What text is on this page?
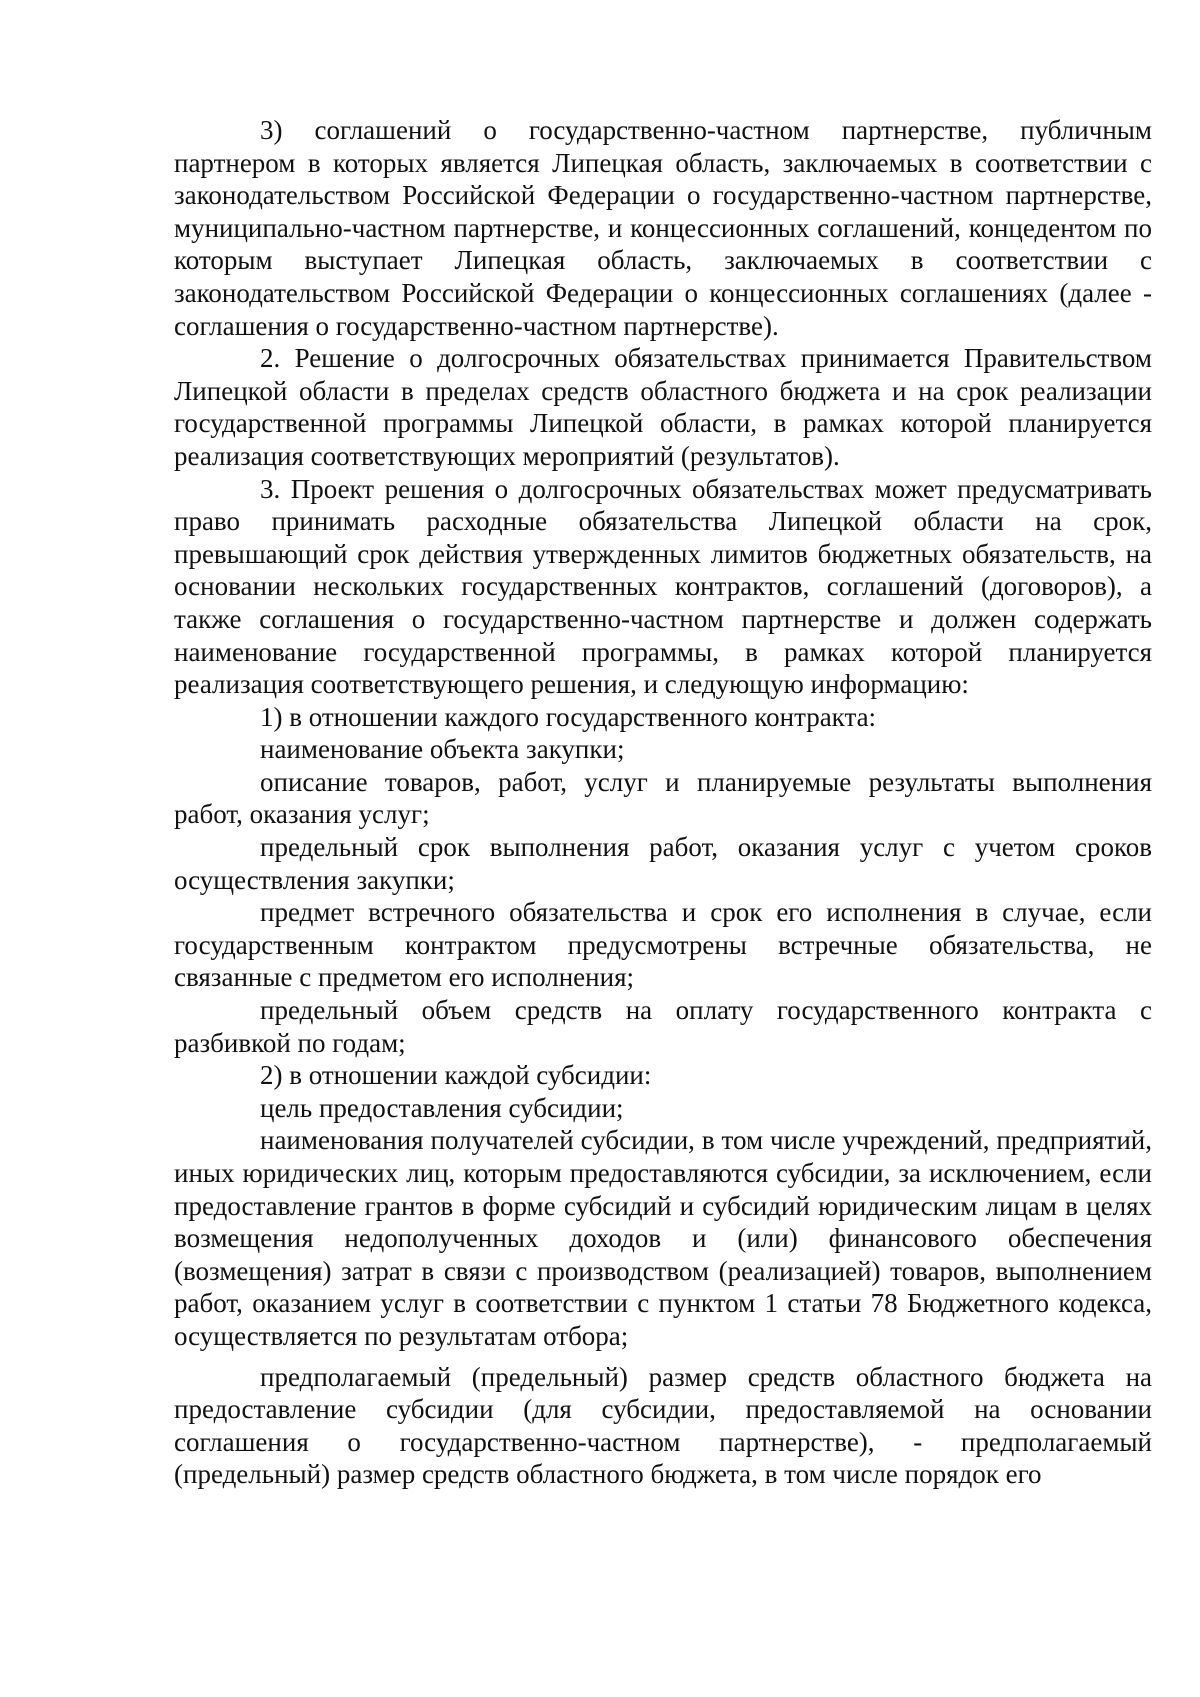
3) соглашений о государственно-частном партнерстве, публичным партнером в которых является Липецкая область, заключаемых в соответствии с законодательством Российской Федерации о государственно-частном партнерстве, муниципально-частном партнерстве, и концессионных соглашений, концедентом по которым выступает Липецкая область, заключаемых в соответствии с законодательством Российской Федерации о концессионных соглашениях (далее - соглашения о государственно-частном партнерстве).

2. Решение о долгосрочных обязательствах принимается Правительством Липецкой области в пределах средств областного бюджета и на срок реализации государственной программы Липецкой области, в рамках которой планируется реализация соответствующих мероприятий (результатов).

3. Проект решения о долгосрочных обязательствах может предусматривать право принимать расходные обязательства Липецкой области на срок, превышающий срок действия утвержденных лимитов бюджетных обязательств, на основании нескольких государственных контрактов, соглашений (договоров), а также соглашения о государственно-частном партнерстве и должен содержать наименование государственной программы, в рамках которой планируется реализация соответствующего решения, и следующую информацию:

1) в отношении каждого государственного контракта:

наименование объекта закупки;

описание товаров, работ, услуг и планируемые результаты выполнения работ, оказания услуг;

предельный срок выполнения работ, оказания услуг с учетом сроков осуществления закупки;

предмет встречного обязательства и срок его исполнения в случае, если государственным контрактом предусмотрены встречные обязательства, не связанные с предметом его исполнения;

предельный объем средств на оплату государственного контракта с разбивкой по годам;

2) в отношении каждой субсидии:

цель предоставления субсидии;

наименования получателей субсидии, в том числе учреждений, предприятий, иных юридических лиц, которым предоставляются субсидии, за исключением, если предоставление грантов в форме субсидий и субсидий юридическим лицам в целях возмещения недополученных доходов и (или) финансового обеспечения (возмещения) затрат в связи с производством (реализацией) товаров, выполнением работ, оказанием услуг в соответствии с пунктом 1 статьи 78 Бюджетного кодекса, осуществляется по результатам отбора;

предполагаемый (предельный) размер средств областного бюджета на предоставление субсидии (для субсидии, предоставляемой на основании соглашения о государственно-частном партнерстве), - предполагаемый (предельный) размер средств областного бюджета, в том числе порядок его
